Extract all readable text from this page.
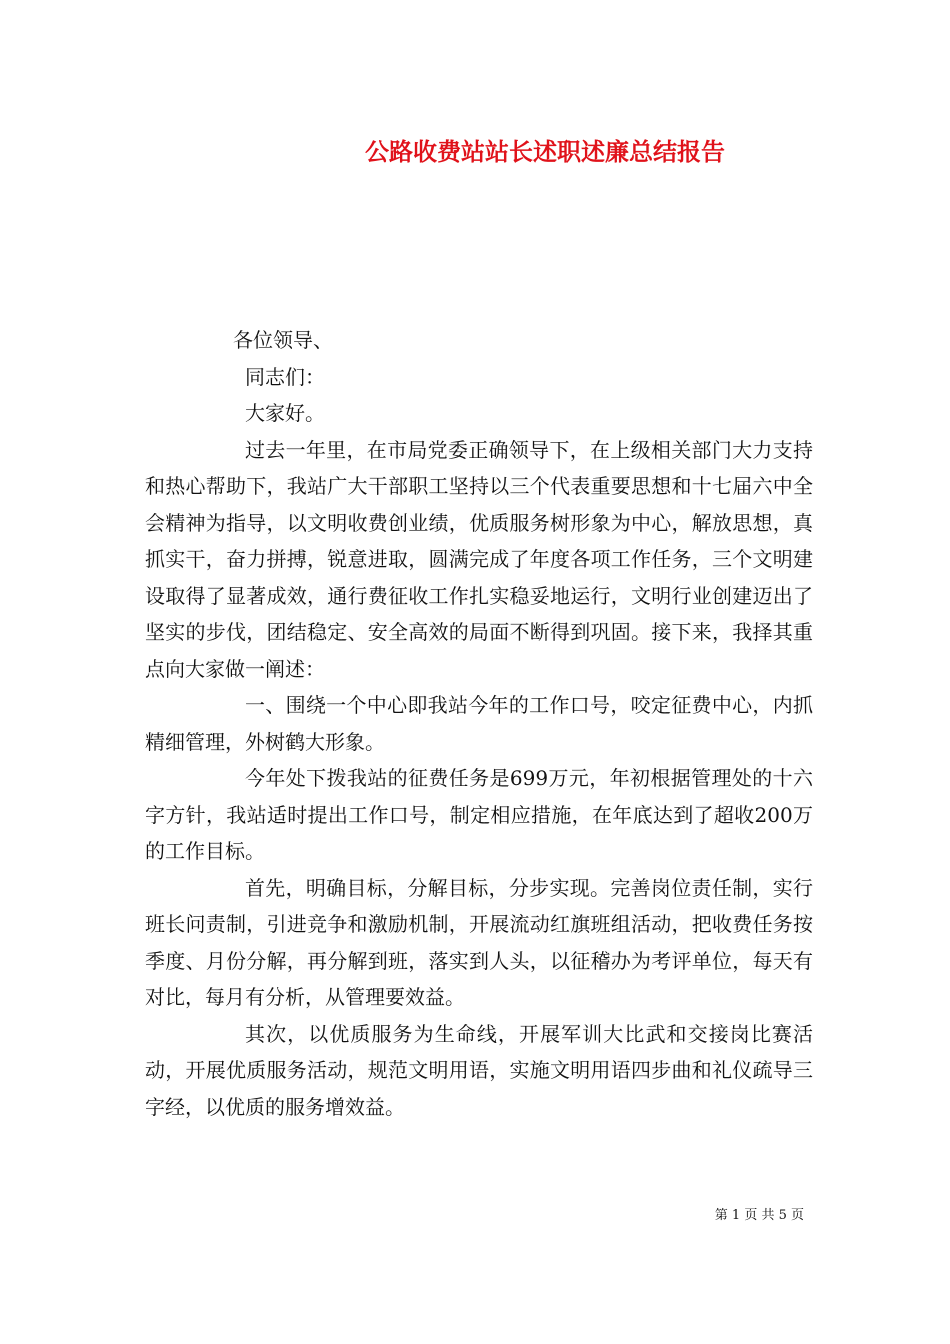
公路收费站站长述职述廉总结报告

各位领导、

同志们：

大家好。

过去一年里，在市局党委正确领导下，在上级相关部门大力支持和热心帮助下，我站广大干部职工坚持以三个代表重要思想和十七届六中全会精神为指导，以文明收费创业绩，优质服务树形象为中心，解放思想，真抓实干，奋力拼搏，锐意进取，圆满完成了年度各项工作任务，三个文明建设取得了显著成效，通行费征收工作扎实稳妥地运行，文明行业创建迈出了坚实的步伐，团结稳定、安全高效的局面不断得到巩固。接下来，我择其重点向大家做一阐述：

一、围绕一个中心即我站今年的工作口号，咬定征费中心，内抓精细管理，外树鹤大形象。

今年处下拨我站的征费任务是699万元，年初根据管理处的十六字方针，我站适时提出工作口号，制定相应措施，在年底达到了超收200万的工作目标。

首先，明确目标，分解目标，分步实现。完善岗位责任制，实行班长问责制，引进竞争和激励机制，开展流动红旗班组活动，把收费任务按季度、月份分解，再分解到班，落实到人头，以征稽办为考评单位，每天有对比，每月有分析，从管理要效益。

其次，以优质服务为生命线，开展军训大比武和交接岗比赛活动，开展优质服务活动，规范文明用语，实施文明用语四步曲和礼仪疏导三字经，以优质的服务增效益。

第 1 页 共 5 页
